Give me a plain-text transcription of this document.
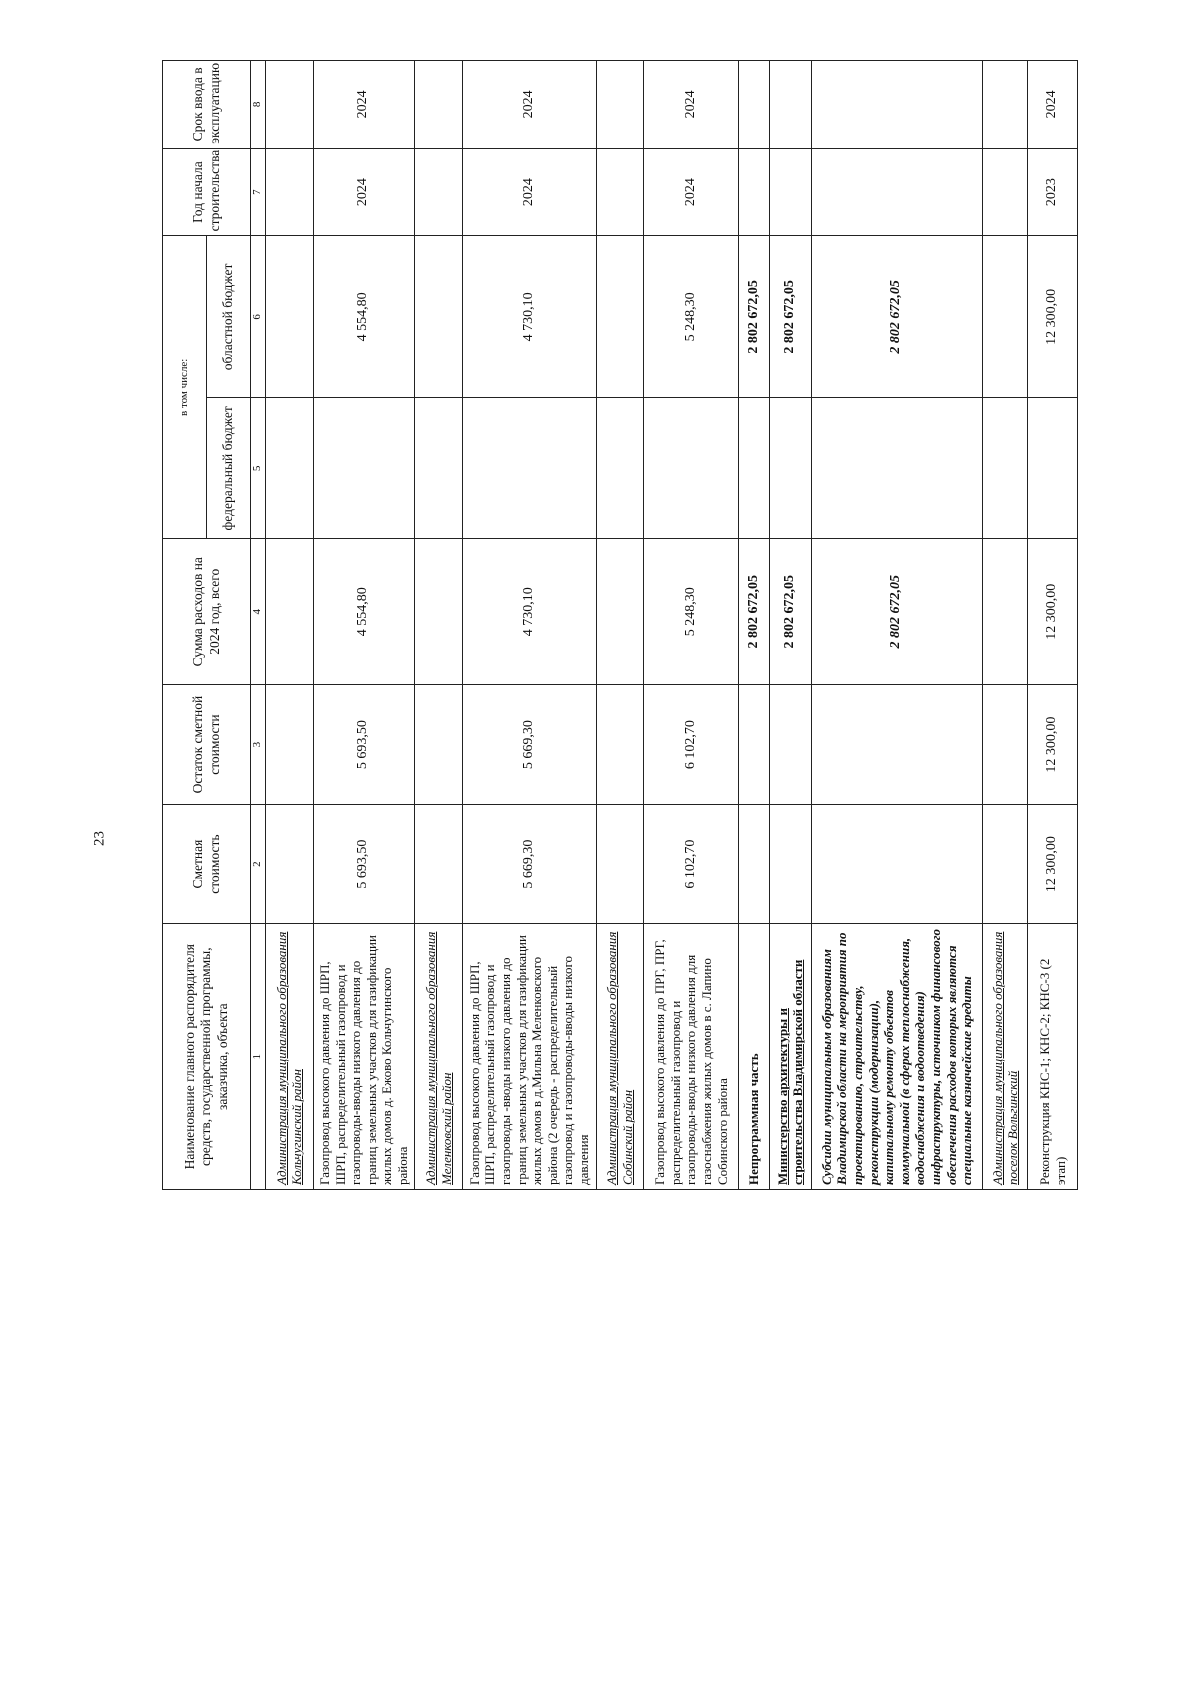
23
Наименование главного распорядителя средств, государственной программы, заказчика, объекта	Сметная стоимость	Остаток сметной стоимости	Сумма расходов на 2024 год, всего	в том числе:		Год начала строительства	Срок ввода в эксплуатацию
				федеральный бюджет	областной бюджет		
1	2	3	4	5	6	7	8
Администрация муниципального образования Кольчугинский район							
Газопровод высокого давления до ШРП, ШРП, распределительный газопровод и газопроводы-вводы низкого давления до границ земельных участков для газификации жилых домов д. Ежово Кольчугинского района	5 693,50	5 693,50	4 554,80		4 554,80	2024	2024
Администрация муниципального образования Меленковский район							
Газопровод высокого давления до ШРП, ШРП, распределительный газопровод и газопроводы -вводы низкого давления до границ земельных участков для газификации жилых домов в д.Мильна Меленковского района (2 очередь - распределительный газопровод и газопроводы-вводы низкого давления	5 669,30	5 669,30	4 730,10		4 730,10	2024	2024
Администрация муниципального образования Собинский район							
Газопровод высокого давления до ПРГ, ПРГ, распределительный газопровод и газопроводы-вводы низкого давления для газоснабжения жилых домов в с. Лапино Собинского района	6 102,70	6 102,70	5 248,30		5 248,30	2024	2024
Непрограммная часть			2 802 672,05		2 802 672,05		
Министерство архитектуры и строительства Владимирской области			2 802 672,05		2 802 672,05		
Субсидии муниципальным образованиям Владимирской области на мероприятия по проектированию, строительству, реконструкции (модернизации), капитальному ремонту объектов коммунальной (в сферах теплоснабжения, водоснабжения и водоотведения) инфраструктуры, источником финансового обеспечения расходов которых являются специальные казначейские кредиты			2 802 672,05		2 802 672,05		
Администрация муниципального образования поселок Вольгинский							
Реконструкция КНС-1; КНС-2; КНС-3 (2 этап)	12 300,00	12 300,00	12 300,00		12 300,00	2023	2024
